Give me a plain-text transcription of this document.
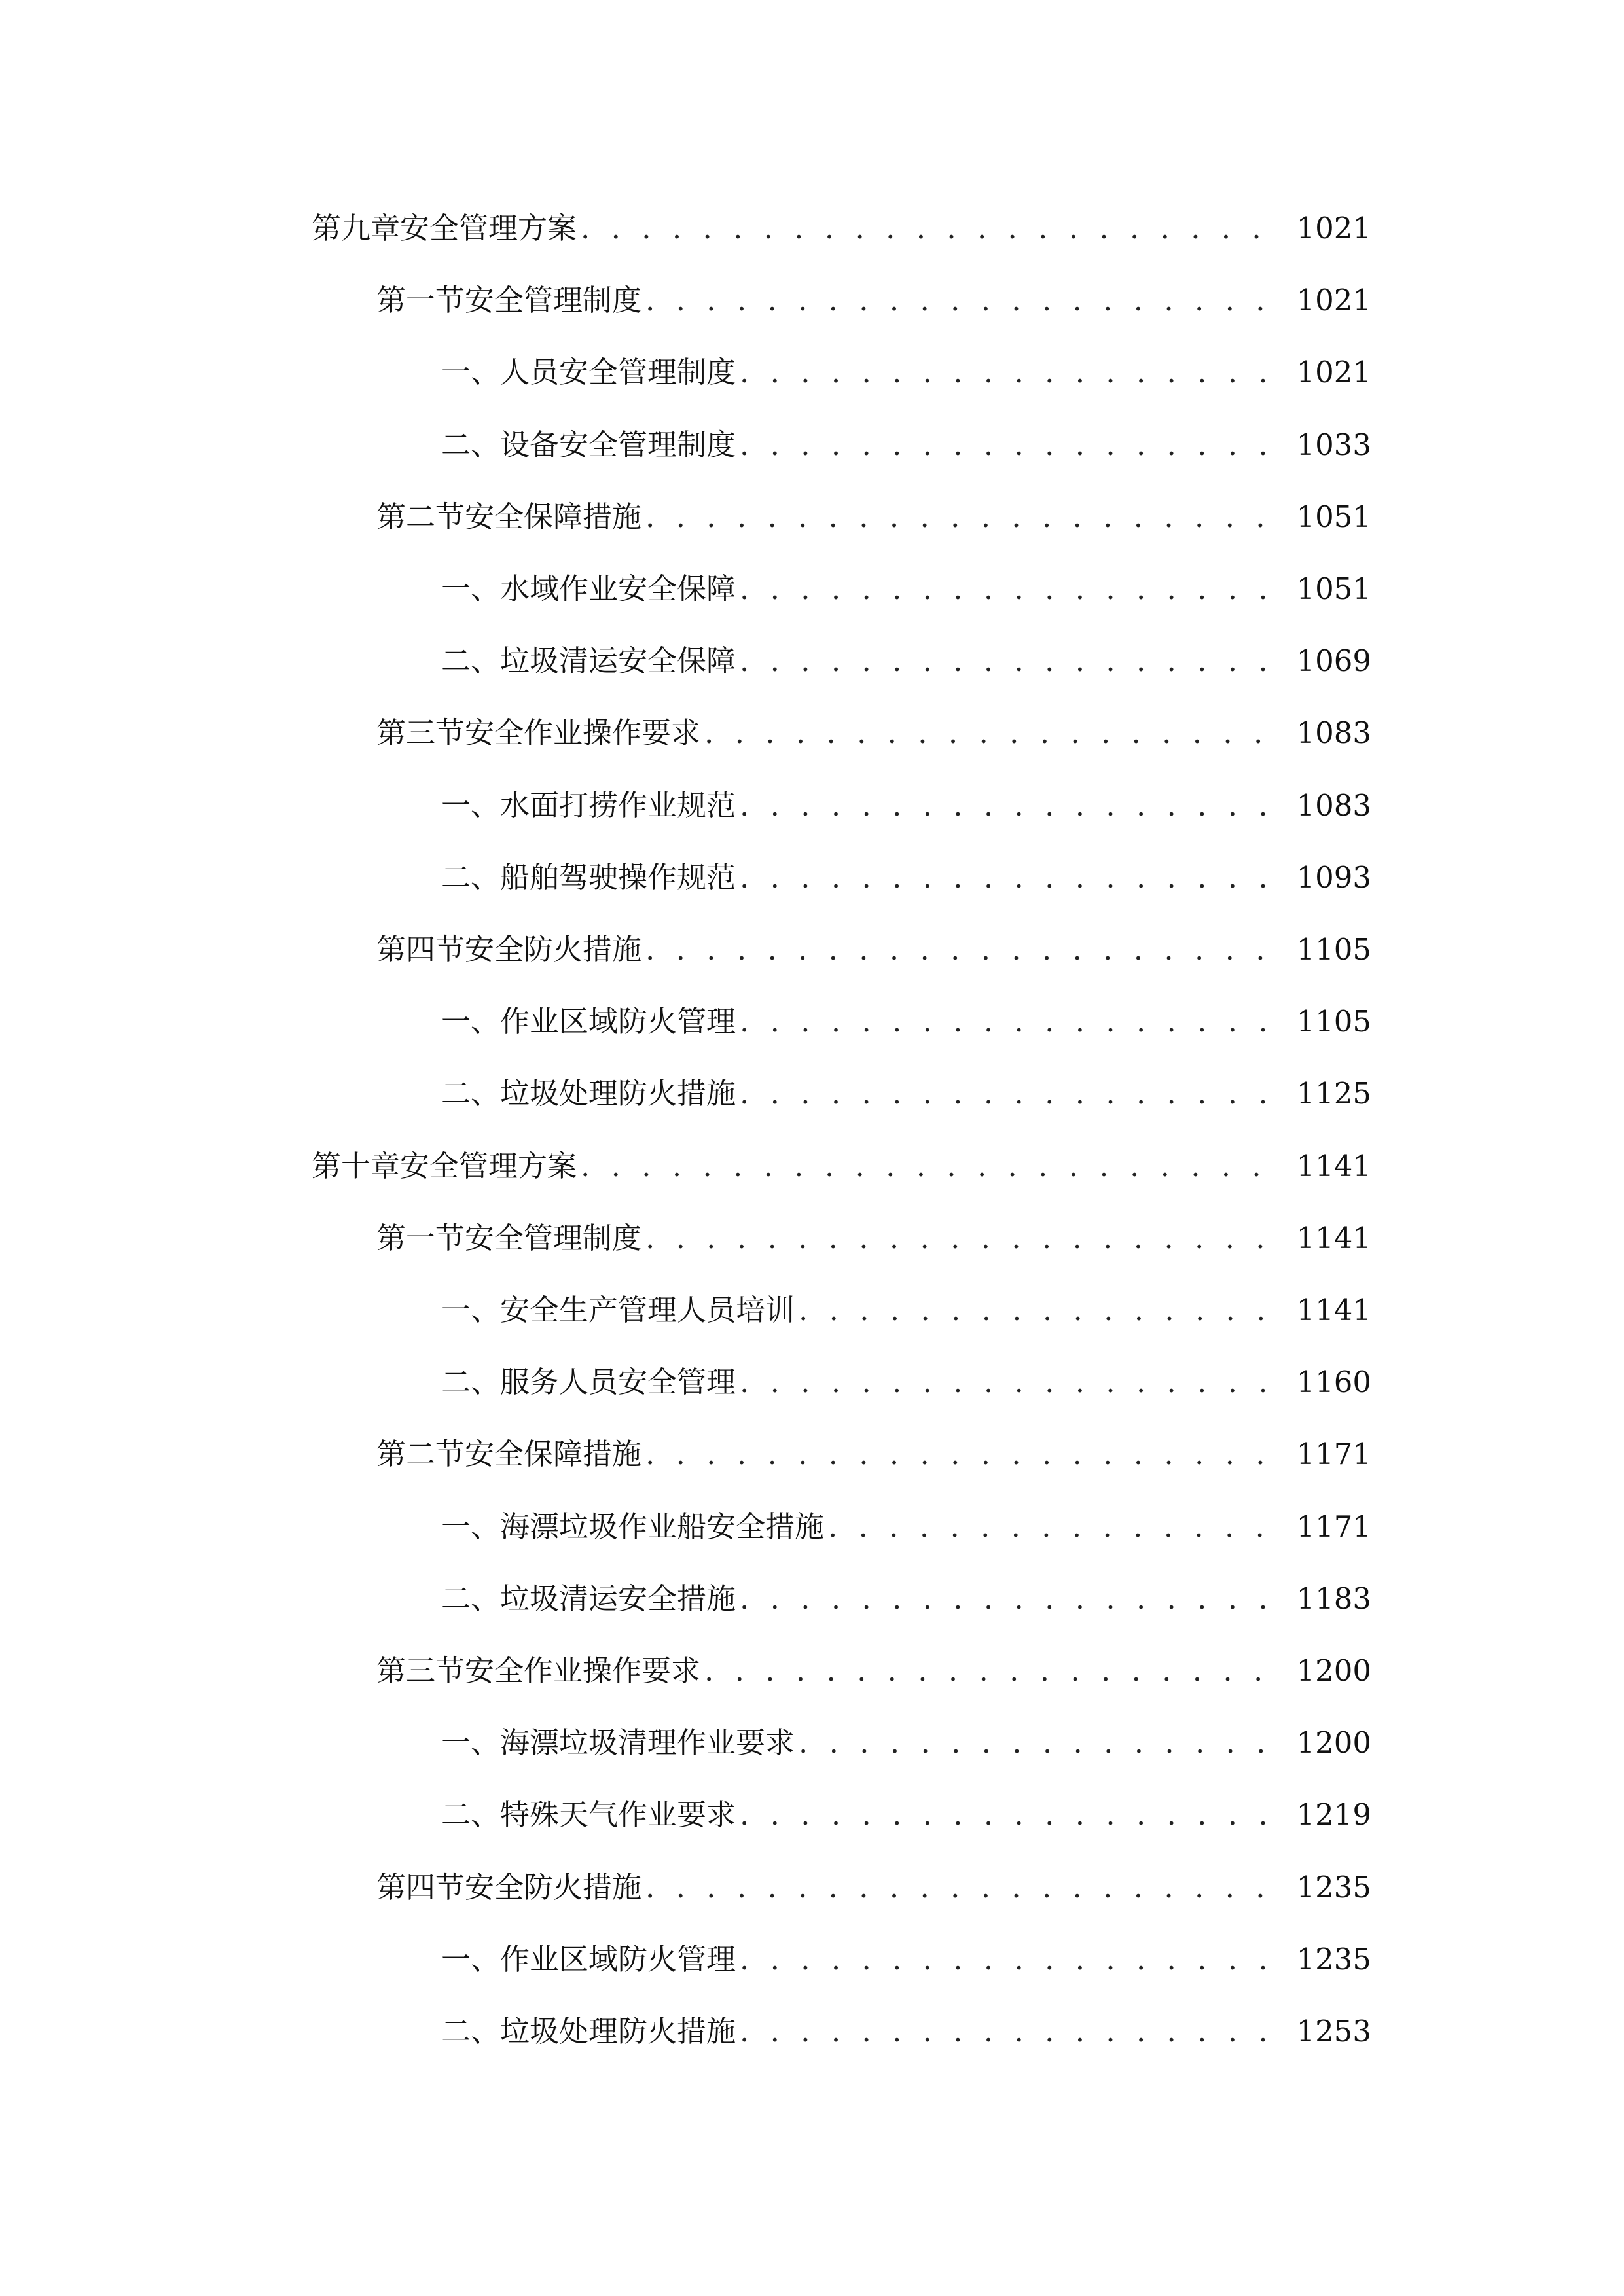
第九章 安全管理方案 . . .	1021
第一节 安全管理制度 . . .	1021
一、 人员安全管理制度 . . .	1021
二、 设备安全管理制度 . . .	1033
第二节 安全保障措施 . . .	1051
一、 水域作业安全保障 . . .	1051
二、 垃圾清运安全保障 . . .	1069
第三节 安全作业操作要求 . . .	1083
一、 水面打捞作业规范 . . .	1083
二、 船舶驾驶操作规范 . . .	1093
第四节 安全防火措施 . . .	1105
一、 作业区域防火管理 . . .	1105
二、 垃圾处理防火措施 . . .	1125
第十章 安全管理方案 . . .	1141
第一节 安全管理制度 . . .	1141
一、 安全生产管理人员培训 . . .	1141
二、 服务人员安全管理 . . .	1160
第二节 安全保障措施 . . .	1171
一、 海漂垃圾作业船安全措施 . . .	1171
二、 垃圾清运安全措施 . . .	1183
第三节 安全作业操作要求 . . .	1200
一、 海漂垃圾清理作业要求 . . .	1200
二、 特殊天气作业要求 . . .	1219
第四节 安全防火措施 . . .	1235
一、 作业区域防火管理 . . .	1235
二、 垃圾处理防火措施 . . .	1253
